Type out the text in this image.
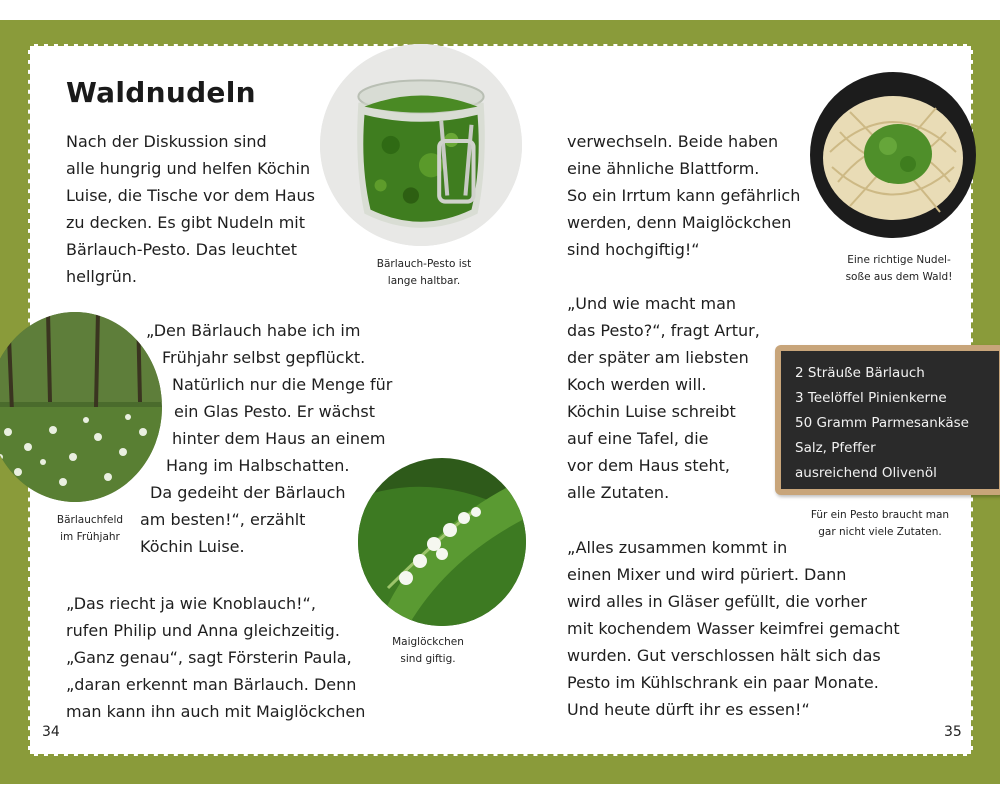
Waldnudeln
Nach der Diskussion sind
alle hungrig und helfen Köchin
Luise, die Tische vor dem Haus
zu decken. Es gibt Nudeln mit
Bärlauch-Pesto. Das leuchtet
hellgrün.
„Den Bärlauch habe ich im
Frühjahr selbst gepflückt.
Natürlich nur die Menge für
ein Glas Pesto. Er wächst
hinter dem Haus an einem
Hang im Halbschatten.
Da gedeiht der Bärlauch
am besten!“, erzählt
Köchin Luise.
„Das riecht ja wie Knoblauch!“,
rufen Philip und Anna gleichzeitig.
„Ganz genau“, sagt Försterin Paula,
„daran erkennt man Bärlauch. Denn
man kann ihn auch mit Maiglöckchen
verwechseln. Beide haben
eine ähnliche Blattform.
So ein Irrtum kann gefährlich
werden, denn Maiglöckchen
sind hochgiftig!“
„Und wie macht man
das Pesto?“, fragt Artur,
der später am liebsten
Koch werden will.
Köchin Luise schreibt
auf eine Tafel, die
vor dem Haus steht,
alle Zutaten.
„Alles zusammen kommt in
einen Mixer und wird püriert. Dann
wird alles in Gläser gefüllt, die vorher
mit kochendem Wasser keimfrei gemacht
wurden. Gut verschlossen hält sich das
Pesto im Kühlschrank ein paar Monate.
Und heute dürft ihr es essen!“
Bärlauch-Pesto ist
lange haltbar.
Bärlauchfeld
im Frühjahr
Maiglöckchen
sind giftig.
Eine richtige Nudel-
soße aus dem Wald!
Für ein Pesto braucht man
gar nicht viele Zutaten.
2 Sträuße Bärlauch
3 Teelöffel Pinienkerne
50 Gramm Parmesankäse
Salz, Pfeffer
ausreichend Olivenöl
34	35
